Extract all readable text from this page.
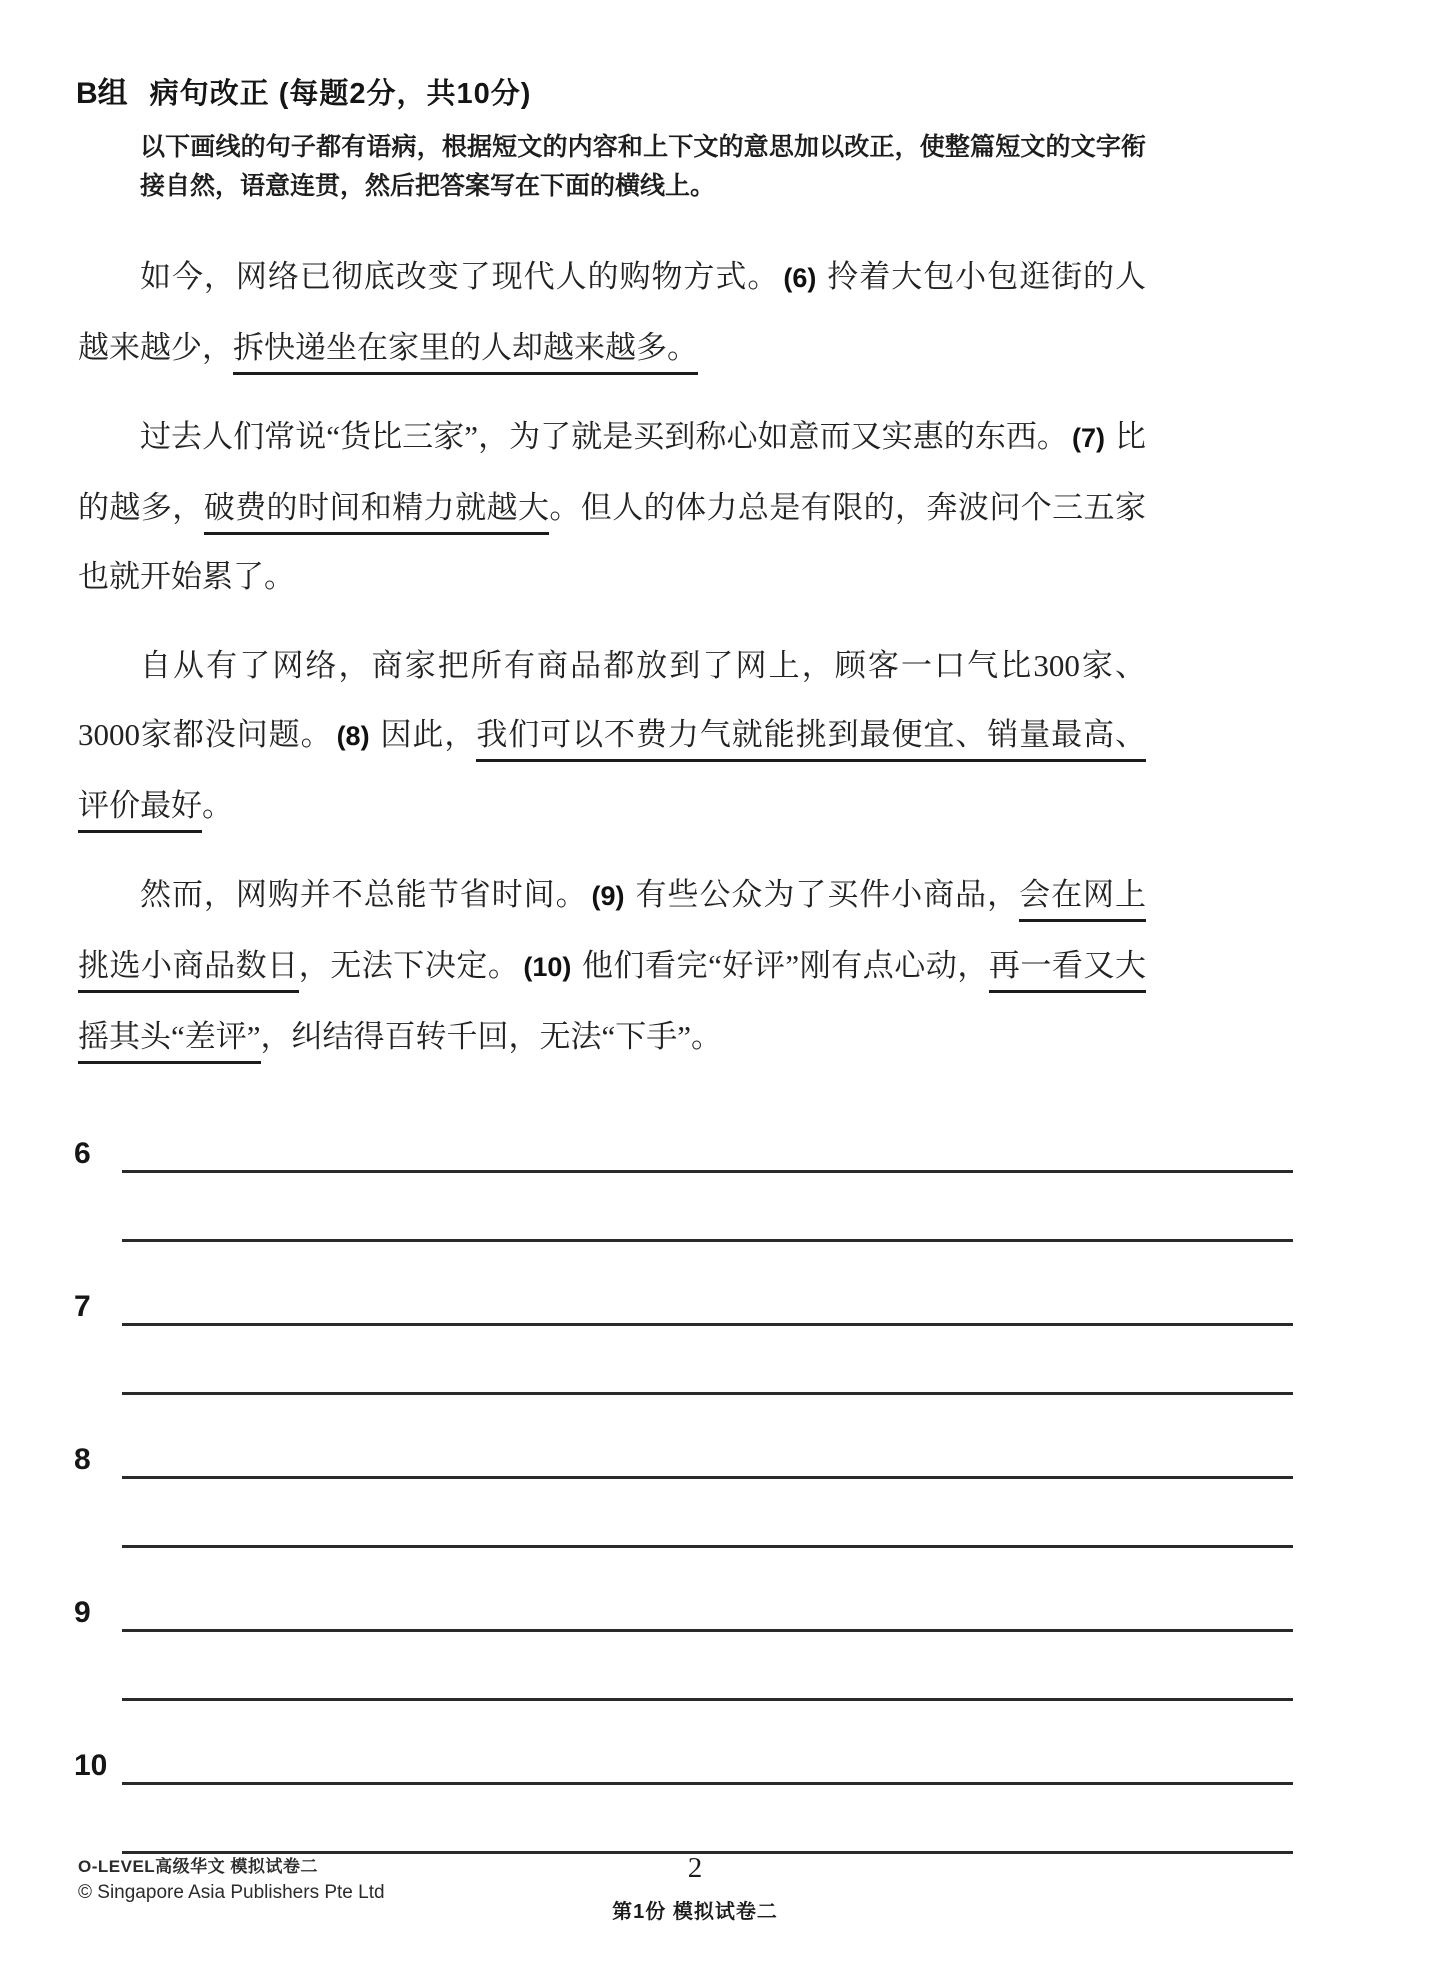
B组 病句改正 (每题2分，共10分)
以下画线的句子都有语病，根据短文的内容和上下文的意思加以改正，使整篇短文的文字衔接自然，语意连贯，然后把答案写在下面的横线上。

如今，网络已彻底改变了现代人的购物方式。 (6) 拎着大包小包逛街的人越来越少，拆快递坐在家里的人却越来越多。

过去人们常说“货比三家”，为了就是买到称心如意而又实惠的东西。 (7) 比的越多，破费的时间和精力就越大。但人的体力总是有限的，奔波问个三五家也就开始累了。

自从有了网络，商家把所有商品都放到了网上，顾客一口气比300家、3000家都没问题。 (8) 因此，我们可以不费力气就能挑到最便宜、销量最高、评价最好。

然而，网购并不总能节省时间。 (9) 有些公众为了买件小商品，会在网上挑选小商品数日，无法下决定。 (10) 他们看完“好评”刚有点心动，再一看又大摇其头“差评”，纠结得百转千回，无法“下手”。

6
7
8
9
10
O-LEVEL高级华文 模拟试卷二
© Singapore Asia Publishers Pte Ltd
2
第1份 模拟试卷二
